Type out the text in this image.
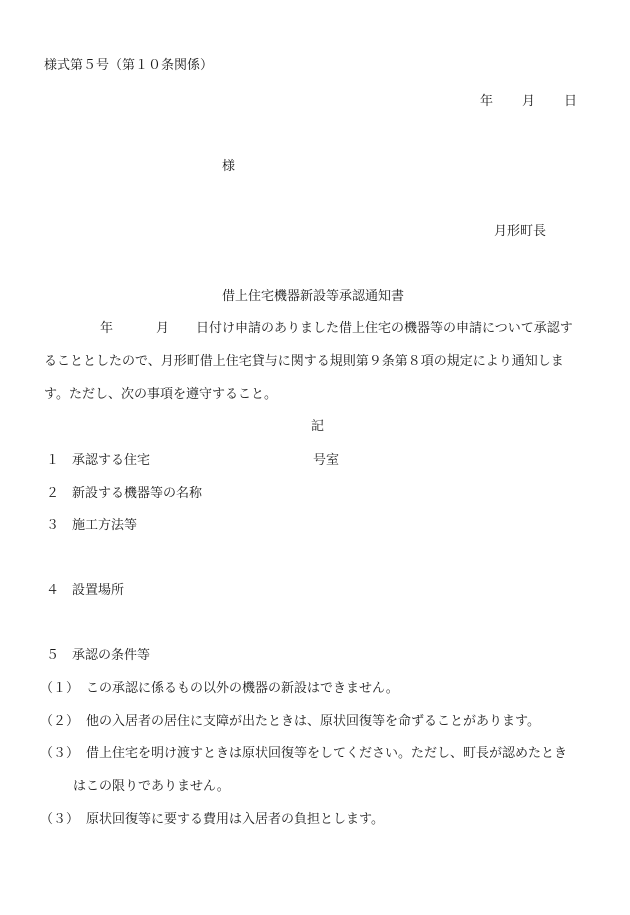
様式第５号（第１０条関係）
年 月 日
様
月形町長
借上住宅機器新設等承認通知書
年	月 日付け申請のありました借上住宅の機器等の申請について承認す
ることとしたので、月形町借上住宅貸与に関する規則第９条第８項の規定により通知しま
す。ただし、次の事項を遵守すること。
記
１ 承認する住宅	号室
２ 新設する機器等の名称
３ 施工方法等
４ 設置場所
５ 承認の条件等
（１） この承認に係るもの以外の機器の新設はできません。
（２） 他の入居者の居住に支障が出たときは、原状回復等を命ずることがあります。
（３） 借上住宅を明け渡すときは原状回復等をしてください。ただし、町長が認めたとき
はこの限りでありません。
（３） 原状回復等に要する費用は入居者の負担とします。
